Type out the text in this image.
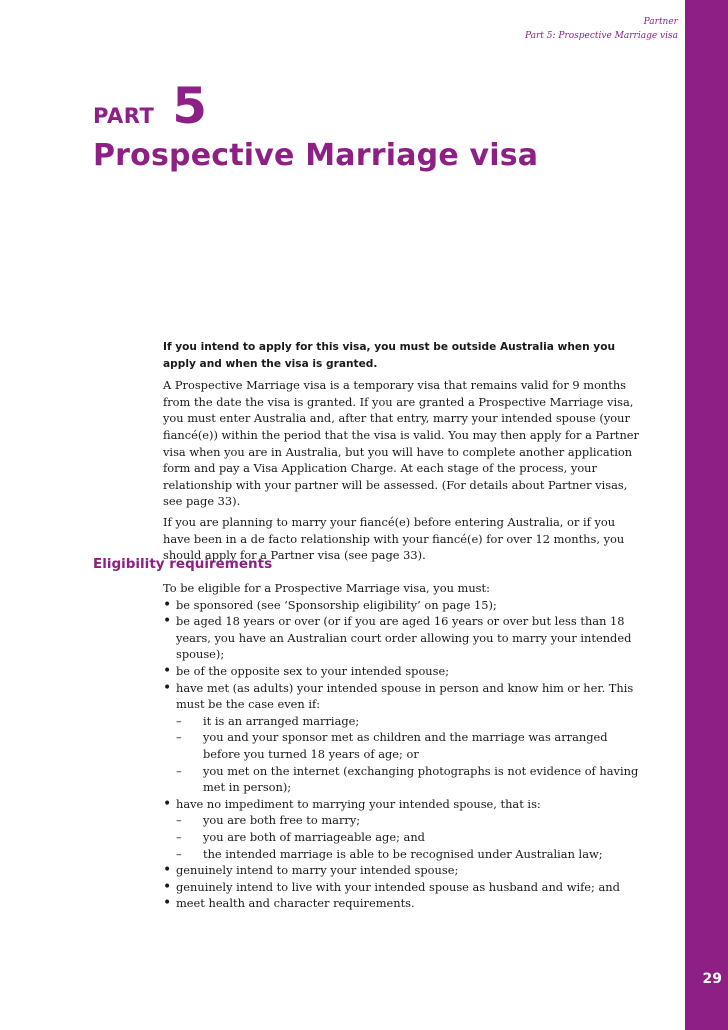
29
Partner
Part 5: Prospective Marriage visa
PART 5
Prospective Marriage visa

If you intend to apply for this visa, you must be outside Australia when you apply and when the visa is granted.

A Prospective Marriage visa is a temporary visa that remains valid for 9 months from the date the visa is granted. If you are granted a Prospective Marriage visa, you must enter Australia and, after that entry, marry your intended spouse (your fiancé(e)) within the period that the visa is valid. You may then apply for a Partner visa when you are in Australia, but you will have to complete another application form and pay a Visa Application Charge. At each stage of the process, your relationship with your partner will be assessed. (For details about Partner visas, see page 33).

If you are planning to marry your fiancé(e) before entering Australia, or if you have been in a de facto relationship with your fiancé(e) for over 12 months, you should apply for a Partner visa (see page 33).

Eligibility requirements

To be eligible for a Prospective Marriage visa, you must:

• be sponsored (see ‘Sponsorship eligibility’ on page 15);
• be aged 18 years or over (or if you are aged 16 years or over but less than 18 years, you have an Australian court order allowing you to marry your intended spouse);
• be of the opposite sex to your intended spouse;
• have met (as adults) your intended spouse in person and know him or her. This must be the case even if:
– it is an arranged marriage;
– you and your sponsor met as children and the marriage was arranged before you turned 18 years of age; or
– you met on the internet (exchanging photographs is not evidence of having met in person);
• have no impediment to marrying your intended spouse, that is:
– you are both free to marry;
– you are both of marriageable age; and
– the intended marriage is able to be recognised under Australian law;
• genuinely intend to marry your intended spouse;
• genuinely intend to live with your intended spouse as husband and wife; and
• meet health and character requirements.
